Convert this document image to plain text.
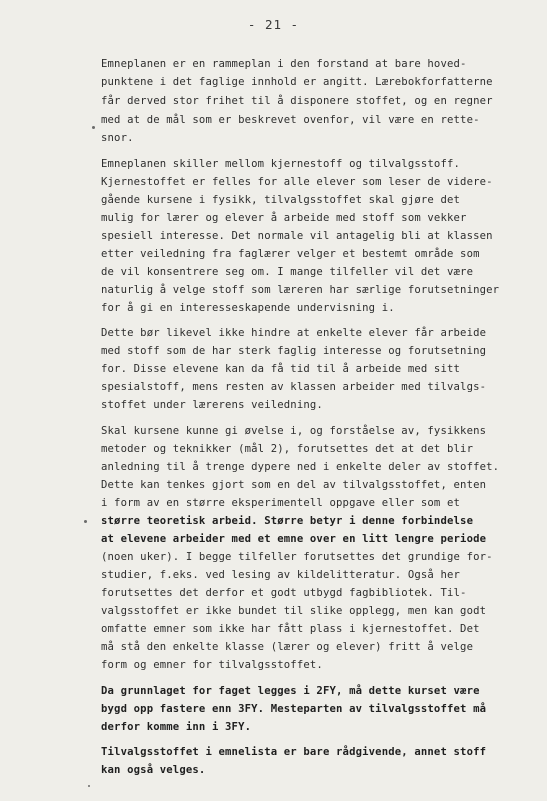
- 21 -
Emneplanen er en rammeplan i den forstand at bare hoved-
punktene i det faglige innhold er angitt. Lærebokforfatterne
får derved stor frihet til å disponere stoffet, og en regner
med at de mål som er beskrevet ovenfor, vil være en rette-
snor.
Emneplanen skiller mellom kjernestoff og tilvalgsstoff.
Kjernestoffet er felles for alle elever som leser de videre-
gående kursene i fysikk, tilvalgsstoffet skal gjøre det
mulig for lærer og elever å arbeide med stoff som vekker
spesiell interesse. Det normale vil antagelig bli at klassen
etter veiledning fra faglærer velger et bestemt område som
de vil konsentrere seg om. I mange tilfeller vil det være
naturlig å velge stoff som læreren har særlige forutsetninger
for å gi en interesseskapende undervisning i.
Dette bør likevel ikke hindre at enkelte elever får arbeide
med stoff som de har sterk faglig interesse og forutsetning
for. Disse elevene kan da få tid til å arbeide med sitt
spesialstoff, mens resten av klassen arbeider med tilvalgs-
stoffet under lærerens veiledning.
Skal kursene kunne gi øvelse i, og forståelse av, fysikkens
metoder og teknikker (mål 2), forutsettes det at det blir
anledning til å trenge dypere ned i enkelte deler av stoffet.
Dette kan tenkes gjort som en del av tilvalgsstoffet, enten
i form av en større eksperimentell oppgave eller som et
større teoretisk arbeid. Større betyr i denne forbindelse
at elevene arbeider med et emne over en litt lengre periode
(noen uker). I begge tilfeller forutsettes det grundige for-
studier, f.eks. ved lesing av kildelitteratur. Også her
forutsettes det derfor et godt utbygd fagbibliotek. Til-
valgsstoffet er ikke bundet til slike opplegg, men kan godt
omfatte emner som ikke har fått plass i kjernestoffet. Det
må stå den enkelte klasse (lærer og elever) fritt å velge
form og emner for tilvalgsstoffet.
Da grunnlaget for faget legges i 2FY, må dette kurset være
bygd opp fastere enn 3FY. Mesteparten av tilvalgsstoffet må
derfor komme inn i 3FY.
Tilvalgsstoffet i emnelista er bare rådgivende, annet stoff
kan også velges.
